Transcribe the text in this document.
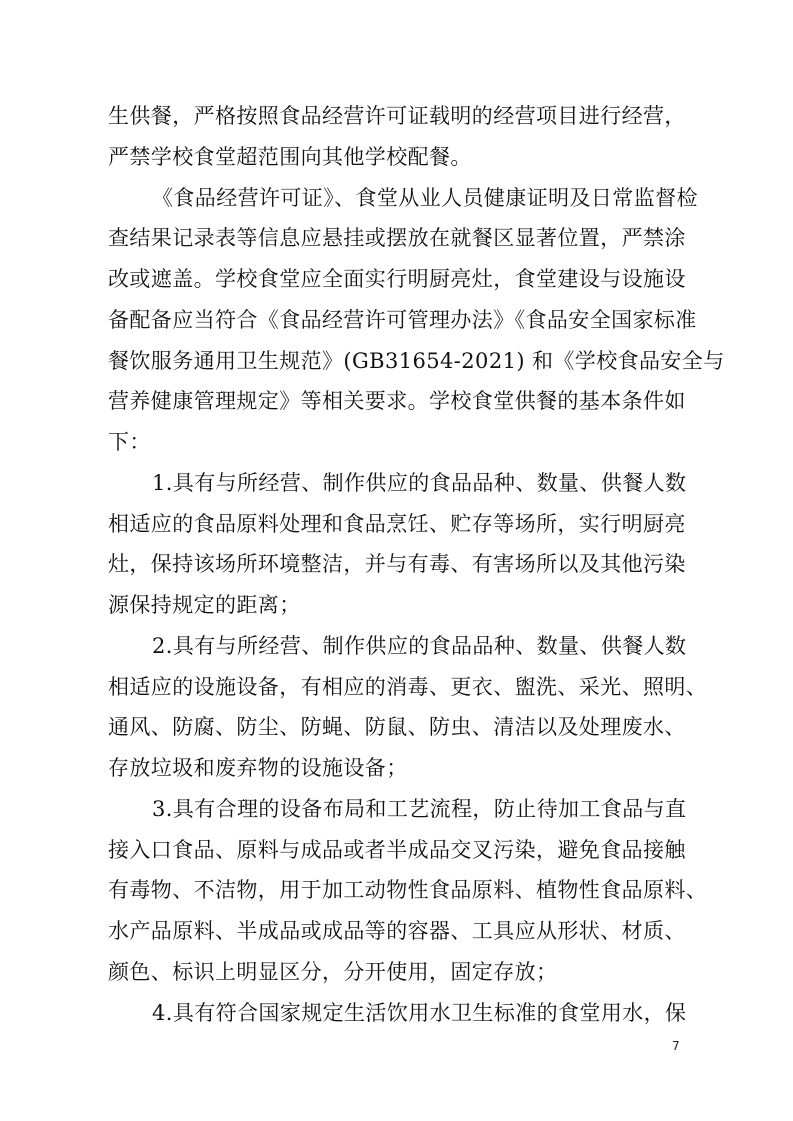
生供餐，严格按照食品经营许可证载明的经营项目进行经营，
严禁学校食堂超范围向其他学校配餐。
《食品经营许可证》、食堂从业人员健康证明及日常监督检
查结果记录表等信息应悬挂或摆放在就餐区显著位置，严禁涂
改或遮盖。学校食堂应全面实行明厨亮灶，食堂建设与设施设
备配备应当符合《食品经营许可管理办法》《食品安全国家标准
餐饮服务通用卫生规范》(GB31654-2021) 和《学校食品安全与
营养健康管理规定》等相关要求。学校食堂供餐的基本条件如
下：
1.具有与所经营、制作供应的食品品种、数量、供餐人数
相适应的食品原料处理和食品烹饪、贮存等场所，实行明厨亮
灶，保持该场所环境整洁，并与有毒、有害场所以及其他污染
源保持规定的距离；
2.具有与所经营、制作供应的食品品种、数量、供餐人数
相适应的设施设备，有相应的消毒、更衣、盥洗、采光、照明、
通风、防腐、防尘、防蝇、防鼠、防虫、清洁以及处理废水、
存放垃圾和废弃物的设施设备；
3.具有合理的设备布局和工艺流程，防止待加工食品与直
接入口食品、原料与成品或者半成品交叉污染，避免食品接触
有毒物、不洁物，用于加工动物性食品原料、植物性食品原料、
水产品原料、半成品或成品等的容器、工具应从形状、材质、
颜色、标识上明显区分，分开使用，固定存放；
4.具有符合国家规定生活饮用水卫生标准的食堂用水，保
7
